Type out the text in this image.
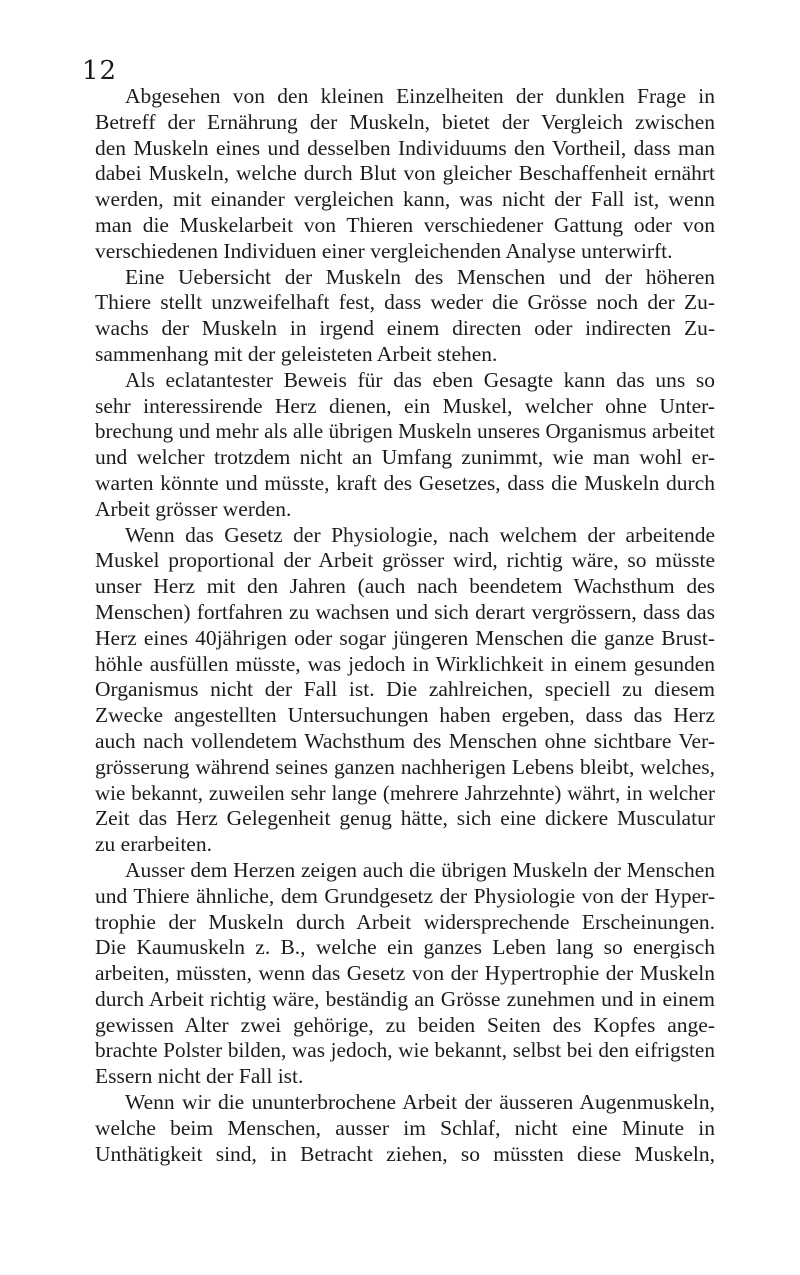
12
Abgesehen von den kleinen Einzelheiten der dunklen Frage in
Betreff der Ernährung der Muskeln, bietet der Vergleich zwischen
den Muskeln eines und desselben Individuums den Vortheil, dass man
dabei Muskeln, welche durch Blut von gleicher Beschaffenheit ernährt
werden, mit einander vergleichen kann, was nicht der Fall ist, wenn
man die Muskelarbeit von Thieren verschiedener Gattung oder von
verschiedenen Individuen einer vergleichenden Analyse unterwirft.
Eine Uebersicht der Muskeln des Menschen und der höheren
Thiere stellt unzweifelhaft fest, dass weder die Grösse noch der Zu-
wachs der Muskeln in irgend einem directen oder indirecten Zu-
sammenhang mit der geleisteten Arbeit stehen.
Als eclatantester Beweis für das eben Gesagte kann das uns so
sehr interessirende Herz dienen, ein Muskel, welcher ohne Unter-
brechung und mehr als alle übrigen Muskeln unseres Organismus arbeitet
und welcher trotzdem nicht an Umfang zunimmt, wie man wohl er-
warten könnte und müsste, kraft des Gesetzes, dass die Muskeln durch
Arbeit grösser werden.
Wenn das Gesetz der Physiologie, nach welchem der arbeitende
Muskel proportional der Arbeit grösser wird, richtig wäre, so müsste
unser Herz mit den Jahren (auch nach beendetem Wachsthum des
Menschen) fortfahren zu wachsen und sich derart vergrössern, dass das
Herz eines 40jährigen oder sogar jüngeren Menschen die ganze Brust-
höhle ausfüllen müsste, was jedoch in Wirklichkeit in einem gesunden
Organismus nicht der Fall ist. Die zahlreichen, speciell zu diesem
Zwecke angestellten Untersuchungen haben ergeben, dass das Herz
auch nach vollendetem Wachsthum des Menschen ohne sichtbare Ver-
grösserung während seines ganzen nachherigen Lebens bleibt, welches,
wie bekannt, zuweilen sehr lange (mehrere Jahrzehnte) währt, in welcher
Zeit das Herz Gelegenheit genug hätte, sich eine dickere Musculatur
zu erarbeiten.
Ausser dem Herzen zeigen auch die übrigen Muskeln der Menschen
und Thiere ähnliche, dem Grundgesetz der Physiologie von der Hyper-
trophie der Muskeln durch Arbeit widersprechende Erscheinungen.
Die Kaumuskeln z. B., welche ein ganzes Leben lang so energisch
arbeiten, müssten, wenn das Gesetz von der Hypertrophie der Muskeln
durch Arbeit richtig wäre, beständig an Grösse zunehmen und in einem
gewissen Alter zwei gehörige, zu beiden Seiten des Kopfes ange-
brachte Polster bilden, was jedoch, wie bekannt, selbst bei den eifrigsten
Essern nicht der Fall ist.
Wenn wir die ununterbrochene Arbeit der äusseren Augenmuskeln,
welche beim Menschen, ausser im Schlaf, nicht eine Minute in
Unthätigkeit sind, in Betracht ziehen, so müssten diese Muskeln,
